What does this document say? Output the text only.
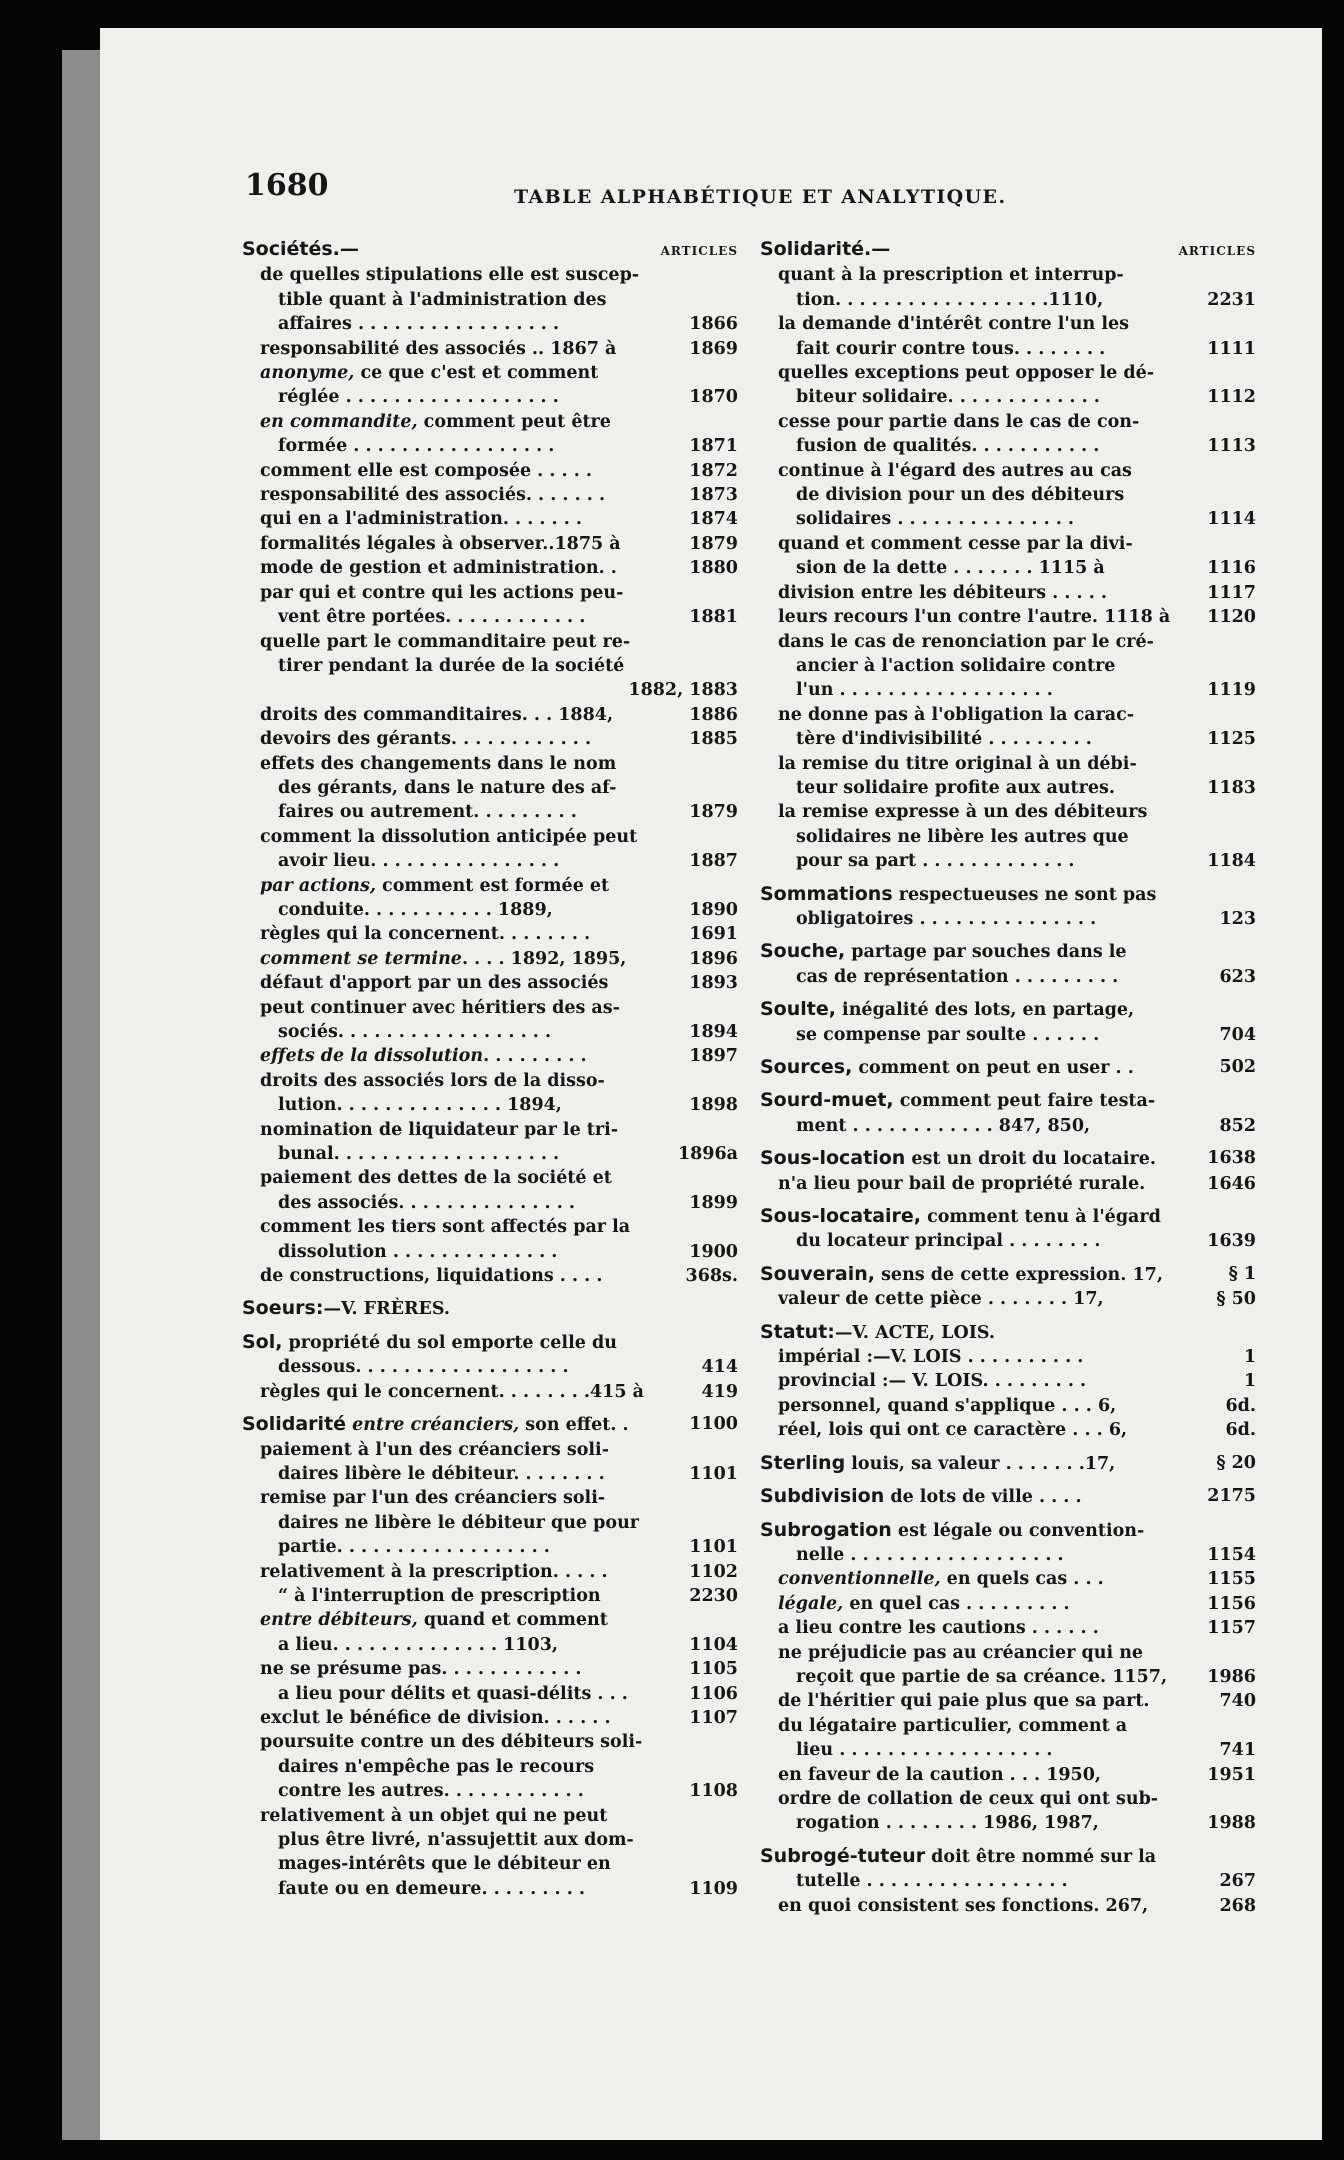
1680	TABLE ALPHABÉTIQUE ET ANALYTIQUE.
Sociétés.—	ARTICLES
de quelles stipulations elle est suscep-
tible quant à l'administration des
affaires . . . . . . . . . . . . . . . . .	1866
responsabilité des associés .. 1867 à	1869
anonyme, ce que c'est et comment
réglée . . . . . . . . . . . . . . . . . .	1870
en commandite, comment peut être
formée . . . . . . . . . . . . . . . . .	1871
comment elle est composée . . . . .	1872
responsabilité des associés. . . . . . .	1873
qui en a l'administration. . . . . . .	1874
formalités légales à observer..1875 à	1879
mode de gestion et administration. .	1880
par qui et contre qui les actions peu-
vent être portées. . . . . . . . . . . .	1881
quelle part le commanditaire peut re-
tirer pendant la durée de la société
1882, 1883
droits des commanditaires. . . 1884,	1886
devoirs des gérants. . . . . . . . . . . .	1885
effets des changements dans le nom
des gérants, dans le nature des af-
faires ou autrement. . . . . . . . .	1879
comment la dissolution anticipée peut
avoir lieu. . . . . . . . . . . . . . . .	1887
par actions, comment est formée et
conduite. . . . . . . . . . . 1889,	1890
règles qui la concernent. . . . . . . .	1691
comment se termine. . . . 1892, 1895,	1896
défaut d'apport par un des associés	1893
peut continuer avec héritiers des as-
sociés. . . . . . . . . . . . . . . . . .	1894
effets de la dissolution. . . . . . . . .	1897
droits des associés lors de la disso-
lution. . . . . . . . . . . . . . 1894,	1898
nomination de liquidateur par le tri-
bunal. . . . . . . . . . . . . . . . . . .	1896a
paiement des dettes de la société et
des associés. . . . . . . . . . . . . . .	1899
comment les tiers sont affectés par la
dissolution . . . . . . . . . . . . . .	1900
de constructions, liquidations . . . .	368s.
Soeurs:—V. FRÈRES.
Sol, propriété du sol emporte celle du
dessous. . . . . . . . . . . . . . . . . .	414
règles qui le concernent. . . . . . . .415 à	419
Solidarité entre créanciers, son effet. .	1100
paiement à l'un des créanciers soli-
daires libère le débiteur. . . . . . . .	1101
remise par l'un des créanciers soli-
daires ne libère le débiteur que pour
partie. . . . . . . . . . . . . . . . . .	1101
relativement à la prescription. . . . .	1102
“ à l'interruption de prescription	2230
entre débiteurs, quand et comment
a lieu. . . . . . . . . . . . . . 1103,	1104
ne se présume pas. . . . . . . . . . . .	1105
a lieu pour délits et quasi-délits . . .	1106
exclut le bénéfice de division. . . . . .	1107
poursuite contre un des débiteurs soli-
daires n'empêche pas le recours
contre les autres. . . . . . . . . . . .	1108
relativement à un objet qui ne peut
plus être livré, n'assujettit aux dom-
mages-intérêts que le débiteur en
faute ou en demeure. . . . . . . . .	1109
Solidarité.—	ARTICLES
quant à la prescription et interrup-
tion. . . . . . . . . . . . . . . . . .1110,	2231
la demande d'intérêt contre l'un les
fait courir contre tous. . . . . . . .	1111
quelles exceptions peut opposer le dé-
biteur solidaire. . . . . . . . . . . . .	1112
cesse pour partie dans le cas de con-
fusion de qualités. . . . . . . . . . .	1113
continue à l'égard des autres au cas
de division pour un des débiteurs
solidaires . . . . . . . . . . . . . . .	1114
quand et comment cesse par la divi-
sion de la dette . . . . . . . 1115 à	1116
division entre les débiteurs . . . . .	1117
leurs recours l'un contre l'autre. 1118 à	1120
dans le cas de renonciation par le cré-
ancier à l'action solidaire contre
l'un . . . . . . . . . . . . . . . . . .	1119
ne donne pas à l'obligation la carac-
tère d'indivisibilité . . . . . . . . .	1125
la remise du titre original à un débi-
teur solidaire profite aux autres.	1183
la remise expresse à un des débiteurs
solidaires ne libère les autres que
pour sa part . . . . . . . . . . . . .	1184
Sommations respectueuses ne sont pas
obligatoires . . . . . . . . . . . . . . .	123
Souche, partage par souches dans le
cas de représentation . . . . . . . . .	623
Soulte, inégalité des lots, en partage,
se compense par soulte . . . . . .	704
Sources, comment on peut en user . .	502
Sourd-muet, comment peut faire testa-
ment . . . . . . . . . . . . 847, 850,	852
Sous-location est un droit du locataire.	1638
n'a lieu pour bail de propriété rurale.	1646
Sous-locataire, comment tenu à l'égard
du locateur principal . . . . . . . .	1639
Souverain, sens de cette expression. 17,	§ 1
valeur de cette pièce . . . . . . . 17,	§ 50
Statut:—V. ACTE, LOIS.
impérial :—V. LOIS . . . . . . . . . .	1
provincial :— V. LOIS. . . . . . . . .	1
personnel, quand s'applique . . . 6,	6d.
réel, lois qui ont ce caractère . . . 6,	6d.
Sterling louis, sa valeur . . . . . . .17,	§ 20
Subdivision de lots de ville . . . .	2175
Subrogation est légale ou convention-
nelle . . . . . . . . . . . . . . . . . .	1154
conventionnelle, en quels cas . . .	1155
légale, en quel cas . . . . . . . . .	1156
a lieu contre les cautions . . . . . .	1157
ne préjudicie pas au créancier qui ne
reçoit que partie de sa créance. 1157,	1986
de l'héritier qui paie plus que sa part.	740
du légataire particulier, comment a
lieu . . . . . . . . . . . . . . . . . .	741
en faveur de la caution . . . 1950,	1951
ordre de collation de ceux qui ont sub-
rogation . . . . . . . . 1986, 1987,	1988
Subrogé-tuteur doit être nommé sur la
tutelle . . . . . . . . . . . . . . . . .	267
en quoi consistent ses fonctions. 267,	268
